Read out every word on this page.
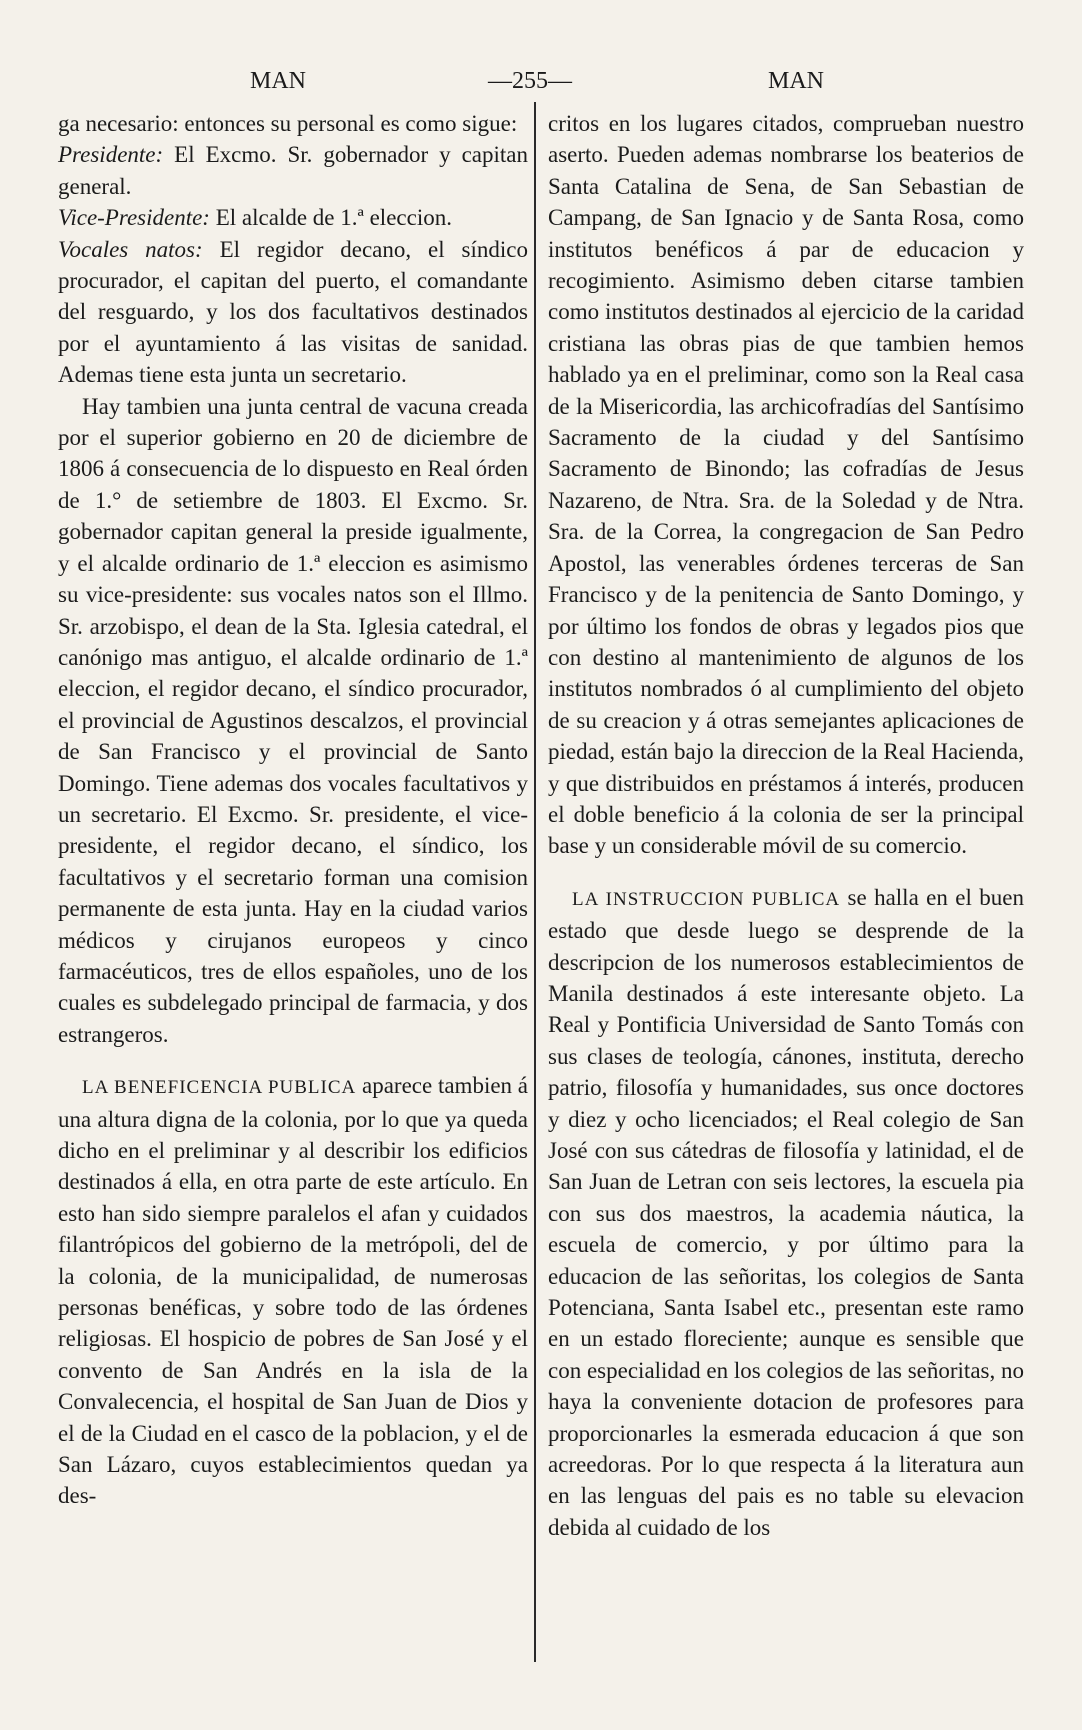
MAN	—255—	MAN

ga necesario: entonces su personal es como sigue:

Presidente: El Excmo. Sr. gobernador y capitan general.

Vice-Presidente: El alcalde de 1.ª eleccion.

Vocales natos: El regidor decano, el síndico procurador, el capitan del puerto, el comandante del resguardo, y los dos facultativos destinados por el ayuntamiento á las visitas de sanidad. Ademas tiene esta junta un secretario.

Hay tambien una junta central de vacuna creada por el superior gobierno en 20 de diciembre de 1806 á consecuencia de lo dispuesto en Real órden de 1.° de setiembre de 1803. El Excmo. Sr. gobernador capitan general la preside igualmente, y el alcalde ordinario de 1.ª eleccion es asimismo su vice-presidente: sus vocales natos son el Illmo. Sr. arzobispo, el dean de la Sta. Iglesia catedral, el canónigo mas antiguo, el alcalde ordinario de 1.ª eleccion, el regidor decano, el síndico procurador, el provincial de Agustinos descalzos, el provincial de San Francisco y el provincial de Santo Domingo. Tiene ademas dos vocales facultativos y un secretario. El Excmo. Sr. presidente, el vice-presidente, el regidor decano, el síndico, los facultativos y el secretario forman una comision permanente de esta junta. Hay en la ciudad varios médicos y cirujanos europeos y cinco farmacéuticos, tres de ellos españoles, uno de los cuales es subdelegado principal de farmacia, y dos estrangeros.

LA BENEFICENCIA PUBLICA aparece tambien á una altura digna de la colonia, por lo que ya queda dicho en el preliminar y al describir los edificios destinados á ella, en otra parte de este artículo. En esto han sido siempre paralelos el afan y cuidados filantrópicos del gobierno de la metrópoli, del de la colonia, de la municipalidad, de numerosas personas benéficas, y sobre todo de las órdenes religiosas. El hospicio de pobres de San José y el convento de San Andrés en la isla de la Convalecencia, el hospital de San Juan de Dios y el de la Ciudad en el casco de la poblacion, y el de San Lázaro, cuyos establecimientos quedan ya des-

critos en los lugares citados, comprueban nuestro aserto. Pueden ademas nombrarse los beaterios de Santa Catalina de Sena, de San Sebastian de Campang, de San Ignacio y de Santa Rosa, como institutos benéficos á par de educacion y recogimiento. Asimismo deben citarse tambien como institutos destinados al ejercicio de la caridad cristiana las obras pias de que tambien hemos hablado ya en el preliminar, como son la Real casa de la Misericordia, las archicofradías del Santísimo Sacramento de la ciudad y del Santísimo Sacramento de Binondo; las cofradías de Jesus Nazareno, de Ntra. Sra. de la Soledad y de Ntra. Sra. de la Correa, la congregacion de San Pedro Apostol, las venerables órdenes terceras de San Francisco y de la penitencia de Santo Domingo, y por último los fondos de obras y legados pios que con destino al mantenimiento de algunos de los institutos nombrados ó al cumplimiento del objeto de su creacion y á otras semejantes aplicaciones de piedad, están bajo la direccion de la Real Hacienda, y que distribuidos en préstamos á interés, producen el doble beneficio á la colonia de ser la principal base y un considerable móvil de su comercio.

LA INSTRUCCION PUBLICA se halla en el buen estado que desde luego se desprende de la descripcion de los numerosos establecimientos de Manila destinados á este interesante objeto. La Real y Pontificia Universidad de Santo Tomás con sus clases de teología, cánones, instituta, derecho patrio, filosofía y humanidades, sus once doctores y diez y ocho licenciados; el Real colegio de San José con sus cátedras de filosofía y latinidad, el de San Juan de Letran con seis lectores, la escuela pia con sus dos maestros, la academia náutica, la escuela de comercio, y por último para la educacion de las señoritas, los colegios de Santa Potenciana, Santa Isabel etc., presentan este ramo en un estado floreciente; aunque es sensible que con especialidad en los colegios de las señoritas, no haya la conveniente dotacion de profesores para proporcionarles la esmerada educacion á que son acreedoras. Por lo que respecta á la literatura aun en las lenguas del pais es no table su elevacion debida al cuidado de los
